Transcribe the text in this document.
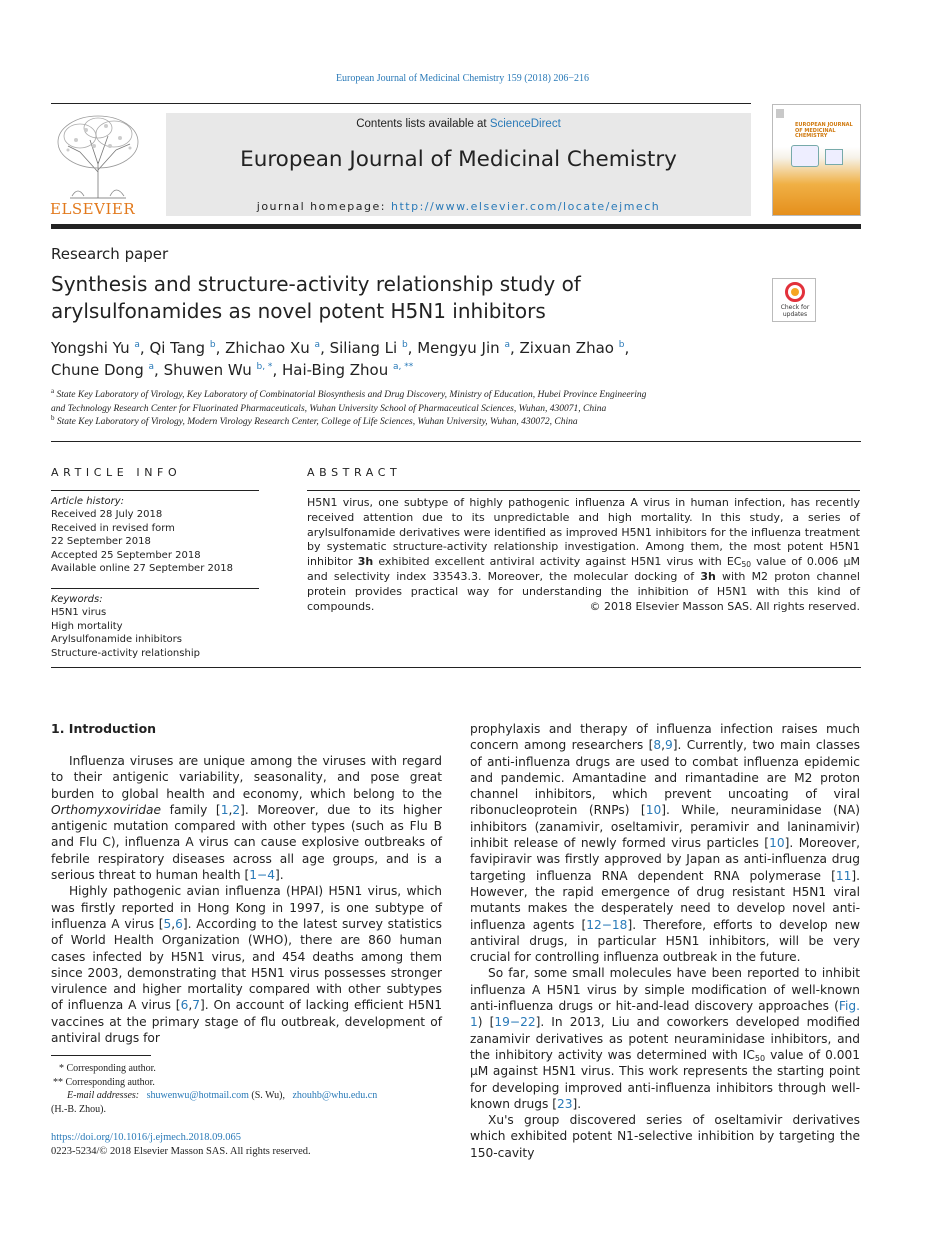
European Journal of Medicinal Chemistry 159 (2018) 206−216
ELSEVIER
Contents lists available at ScienceDirect
European Journal of Medicinal Chemistry
journal homepage: http://www.elsevier.com/locate/ejmech
EUROPEAN JOURNAL OF MEDICINAL CHEMISTRY
Research paper
Synthesis and structure-activity relationship study of
arylsulfonamides as novel potent H5N1 inhibitors	Check for updates
Yongshi Yu $^a$, Qi Tang $^b$, Zhichao Xu $^a$, Siliang Li $^b$, Mengyu Jin $^a$, Zixuan Zhao $^b$,
Chune Dong $^a$, Shuwen Wu $^{b, *}$, Hai-Bing Zhou $^{a, **}$
$^a$ State Key Laboratory of Virology, Key Laboratory of Combinatorial Biosynthesis and Drug Discovery, Ministry of Education, Hubei Province Engineering
and Technology Research Center for Fluorinated Pharmaceuticals, Wuhan University School of Pharmaceutical Sciences, Wuhan, 430071, China
$^b$ State Key Laboratory of Virology, Modern Virology Research Center, College of Life Sciences, Wuhan University, Wuhan, 430072, China
ARTICLE INFO
Article history:
Received 28 July 2018
Received in revised form
22 September 2018
Accepted 25 September 2018
Available online 27 September 2018
Keywords:
H5N1 virus
High mortality
Arylsulfonamide inhibitors
Structure-activity relationship
ABSTRACT
H5N1 virus, one subtype of highly pathogenic influenza A virus in human infection, has recently received attention due to its unpredictable and high mortality. In this study, a series of arylsulfonamide derivatives were identified as improved H5N1 inhibitors for the influenza treatment by systematic structure-activity relationship investigation. Among them, the most potent H5N1 inhibitor 3h exhibited excellent antiviral activity against H5N1 virus with $EC_{50}$ value of 0.006 μM and selectivity index 33543.3. Moreover, the molecular docking of 3h with M2 proton channel protein provides practical way for understanding the inhibition of H5N1 with this kind of compounds.	© 2018 Elsevier Masson SAS. All rights reserved.
1. Introduction

Influenza viruses are unique among the viruses with regard to their antigenic variability, seasonality, and pose great burden to global health and economy, which belong to the Orthomyxoviridae family [1,2]. Moreover, due to its higher antigenic mutation compared with other types (such as Flu B and Flu C), influenza A virus can cause explosive outbreaks of febrile respiratory diseases across all age groups, and is a serious threat to human health [1−4].

Highly pathogenic avian influenza (HPAI) H5N1 virus, which was firstly reported in Hong Kong in 1997, is one subtype of influenza A virus [5,6]. According to the latest survey statistics of World Health Organization (WHO), there are 860 human cases infected by H5N1 virus, and 454 deaths among them since 2003, demonstrating that H5N1 virus possesses stronger virulence and higher mortality compared with other subtypes of influenza A virus [6,7]. On account of lacking efficient H5N1 vaccines at the primary stage of flu outbreak, development of antiviral drugs for

prophylaxis and therapy of influenza infection raises much concern among researchers [8,9]. Currently, two main classes of anti-influenza drugs are used to combat influenza epidemic and pandemic. Amantadine and rimantadine are M2 proton channel inhibitors, which prevent uncoating of viral ribonucleoprotein (RNPs) [10]. While, neuraminidase (NA) inhibitors (zanamivir, oseltamivir, peramivir and laninamivir) inhibit release of newly formed virus particles [10]. Moreover, favipiravir was firstly approved by Japan as anti-influenza drug targeting influenza RNA dependent RNA polymerase [11]. However, the rapid emergence of drug resistant H5N1 viral mutants makes the desperately need to develop novel anti-influenza agents [12−18]. Therefore, efforts to develop new antiviral drugs, in particular H5N1 inhibitors, will be very crucial for controlling influenza outbreak in the future.

So far, some small molecules have been reported to inhibit influenza A H5N1 virus by simple modification of well-known anti-influenza drugs or hit-and-lead discovery approaches (Fig. 1) [19−22]. In 2013, Liu and coworkers developed modified zanamivir derivatives as potent neuraminidase inhibitors, and the inhibitory activity was determined with $IC_{50}$ value of 0.001 μM against H5N1 virus. This work represents the starting point for developing improved anti-influenza inhibitors through well-known drugs [23].

Xu's group discovered series of oseltamivir derivatives which exhibited potent N1-selective inhibition by targeting the 150-cavity

* Corresponding author.
** Corresponding author.
E-mail addresses: shuwenwu@hotmail.com (S. Wu),   zhouhb@whu.edu.cn
(H.-B. Zhou).
https://doi.org/10.1016/j.ejmech.2018.09.065
0223-5234/© 2018 Elsevier Masson SAS. All rights reserved.
